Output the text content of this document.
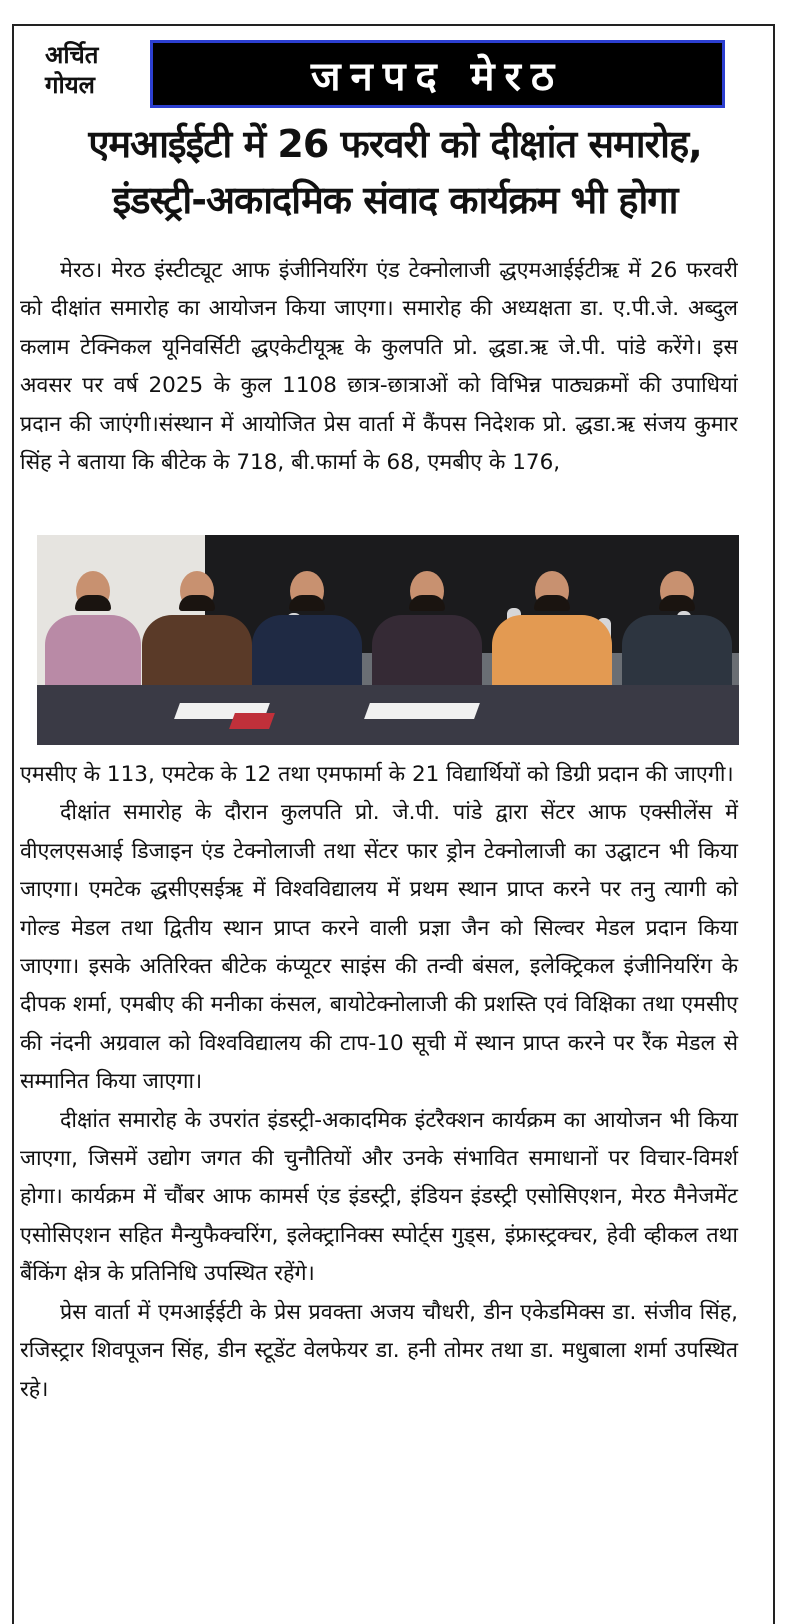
अर्चित
गोयल	जनपद मेरठ
एमआईईटी में 26 फरवरी को दीक्षांत समारोह,
इंडस्ट्री-अकादमिक संवाद कार्यक्रम भी होगा

मेरठ। मेरठ इंस्टीट्यूट आफ इंजीनियरिंग एंड टेक्नोलाजी द्धएमआईईटीऋ में 26 फरवरी को दीक्षांत समारोह का आयोजन किया जाएगा। समारोह की अध्यक्षता डा. ए.पी.जे. अब्दुल कलाम टेक्निकल यूनिवर्सिटी द्धएकेटीयूऋ के कुलपति प्रो. द्धडा.ऋ जे.पी. पांडे करेंगे। इस अवसर पर वर्ष 2025 के कुल 1108 छात्र-छात्राओं को विभिन्न पाठ्यक्रमों की उपाधियां प्रदान की जाएंगी।संस्थान में आयोजित प्रेस वार्ता में कैंपस निदेशक प्रो. द्धडा.ऋ संजय कुमार सिंह ने बताया कि बीटेक के 718, बी.फार्मा के 68, एमबीए के 176,

एमसीए के 113, एमटेक के 12 तथा एमफार्मा के 21 विद्यार्थियों को डिग्री प्रदान की जाएगी।

दीक्षांत समारोह के दौरान कुलपति प्रो. जे.पी. पांडे द्वारा सेंटर आफ एक्सीलेंस में वीएलएसआई डिजाइन एंड टेक्नोलाजी तथा सेंटर फार ड्रोन टेक्नोलाजी का उद्घाटन भी किया जाएगा। एमटेक द्धसीएसईऋ में विश्वविद्यालय में प्रथम स्थान प्राप्त करने पर तनु त्यागी को गोल्ड मेडल तथा द्वितीय स्थान प्राप्त करने वाली प्रज्ञा जैन को सिल्वर मेडल प्रदान किया जाएगा। इसके अतिरिक्त बीटेक कंप्यूटर साइंस की तन्वी बंसल, इलेक्ट्रिकल इंजीनियरिंग के दीपक शर्मा, एमबीए की मनीका कंसल, बायोटेक्नोलाजी की प्रशस्ति एवं विक्षिका तथा एमसीए की नंदनी अग्रवाल को विश्वविद्यालय की टाप-10 सूची में स्थान प्राप्त करने पर रैंक मेडल से सम्मानित किया जाएगा।

दीक्षांत समारोह के उपरांत इंडस्ट्री-अकादमिक इंटरैक्शन कार्यक्रम का आयोजन भी किया जाएगा, जिसमें उद्योग जगत की चुनौतियों और उनके संभावित समाधानों पर विचार-विमर्श होगा। कार्यक्रम में चौंबर आफ कामर्स एंड इंडस्ट्री, इंडियन इंडस्ट्री एसोसिएशन, मेरठ मैनेजमेंट एसोसिएशन सहित मैन्युफैक्चरिंग, इलेक्ट्रानिक्स स्पोर्ट्स गुड्स, इंफ्रास्ट्रक्चर, हेवी व्हीकल तथा बैंकिंग क्षेत्र के प्रतिनिधि उपस्थित रहेंगे।

प्रेस वार्ता में एमआईईटी के प्रेस प्रवक्ता अजय चौधरी, डीन एकेडमिक्स डा. संजीव सिंह, रजिस्ट्रार शिवपूजन सिंह, डीन स्टूडेंट वेलफेयर डा. हनी तोमर तथा डा. मधुबाला शर्मा उपस्थित रहे।
